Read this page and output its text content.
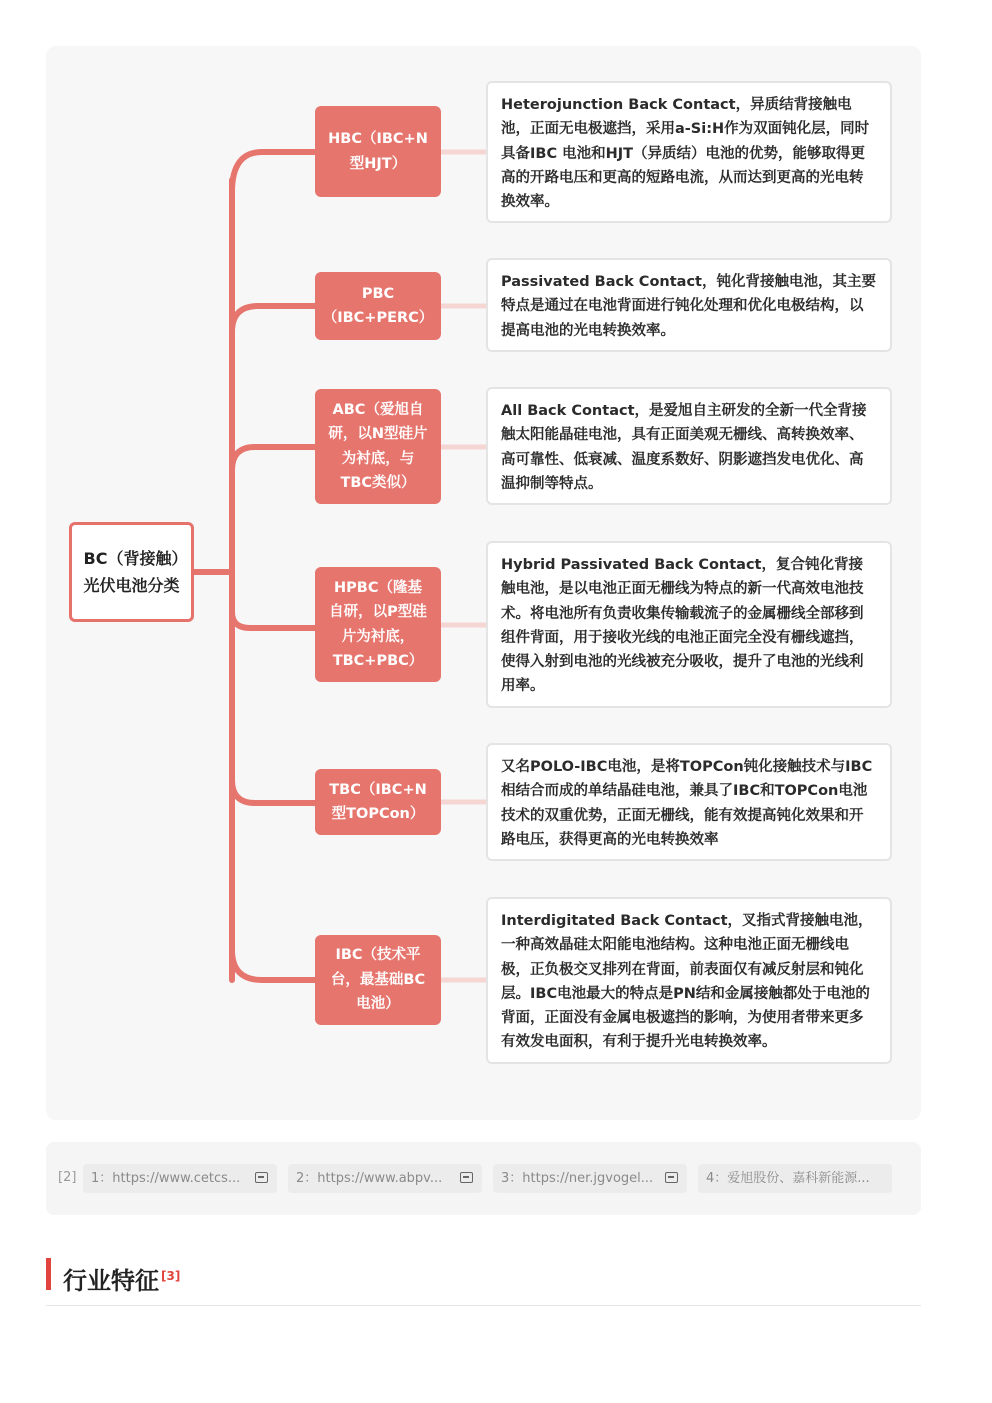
BC（背接触）光伏电池分类
HBC（IBC+N型HJT）
PBC（IBC+PERC）
ABC（爱旭自研，以N型硅片为衬底，与TBC类似）
HPBC（隆基自研，以P型硅片为衬底，TBC+PBC）
TBC（IBC+N型TOPCon）
IBC（技术平台，最基础BC电池）
Heterojunction Back Contact，异质结背接触电池，正面无电极遮挡，采用a-Si:H作为双面钝化层，同时具备IBC 电池和HJT（异质结）电池的优势，能够取得更高的开路电压和更高的短路电流，从而达到更高的光电转换效率。
Passivated Back Contact，钝化背接触电池，其主要特点是通过在电池背面进行钝化处理和优化电极结构，以提高电池的光电转换效率。
All Back Contact，是爱旭自主研发的全新一代全背接触太阳能晶硅电池，具有正面美观无栅线、高转换效率、高可靠性、低衰减、温度系数好、阴影遮挡发电优化、高温抑制等特点。
Hybrid Passivated Back Contact，复合钝化背接触电池，是以电池正面无栅线为特点的新一代高效电池技术。将电池所有负责收集传输载流子的金属栅线全部移到组件背面，用于接收光线的电池正面完全没有栅线遮挡，使得入射到电池的光线被充分吸收，提升了电池的光线利用率。
又名POLO-IBC电池，是将TOPCon钝化接触技术与IBC相结合而成的单结晶硅电池，兼具了IBC和TOPCon电池技术的双重优势，正面无栅线，能有效提高钝化效果和开路电压，获得更高的光电转换效率
Interdigitated Back Contact，叉指式背接触电池，一种高效晶硅太阳能电池结构。这种电池正面无栅线电极，正负极交叉排列在背面，前表面仅有减反射层和钝化层。IBC电池最大的特点是PN结和金属接触都处于电池的背面，正面没有金属电极遮挡的影响，为使用者带来更多有效发电面积，有利于提升光电转换效率。
[2]	1：https://www.cetcs...	2：https://www.abpv...	3：https://ner.jgvogel...	4：爱旭股份、嘉科新能源...
行业特征 [3]
